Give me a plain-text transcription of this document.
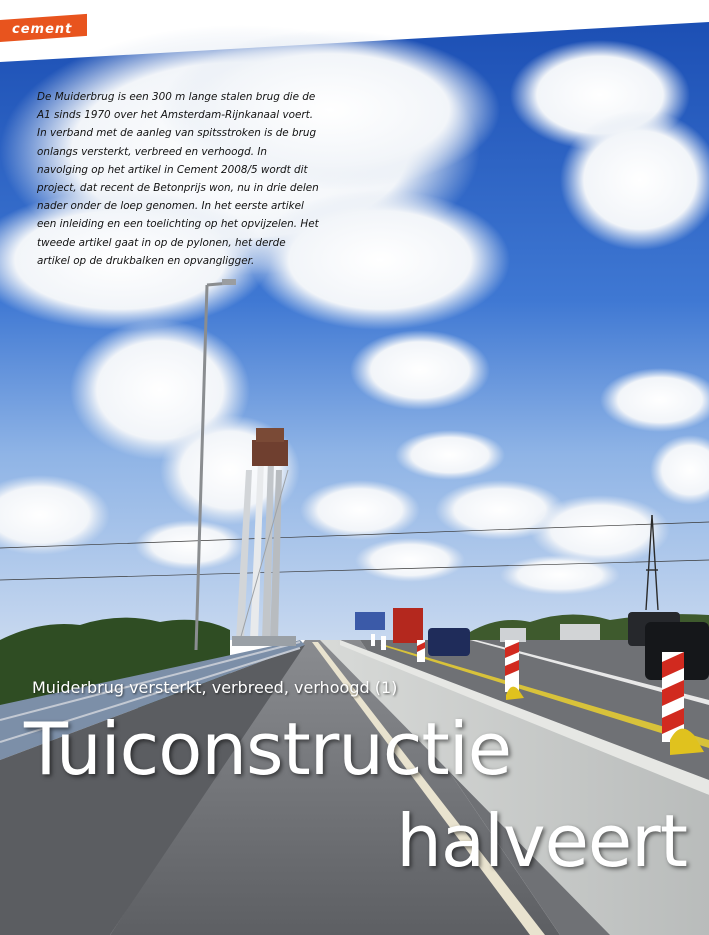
cement

De Muiderbrug is een 300 m lange stalen brug die de A1 sinds 1970 over het Amsterdam-Rijnkanaal voert. In verband met de aanleg van spitsstroken is de brug onlangs versterkt, verbreed en verhoogd. In navolging op het artikel in Cement 2008/5 wordt dit project, dat recent de Betonprijs won, nu in drie delen nader onder de loep genomen. In het eerste artikel een inleiding en een toelichting op het opvijzelen. Het tweede artikel gaat in op de pylonen, het derde artikel op de drukbalken en opvangligger.

Muiderbrug versterkt, verbreed, verhoogd (1)
Tuiconstructie
halveert
